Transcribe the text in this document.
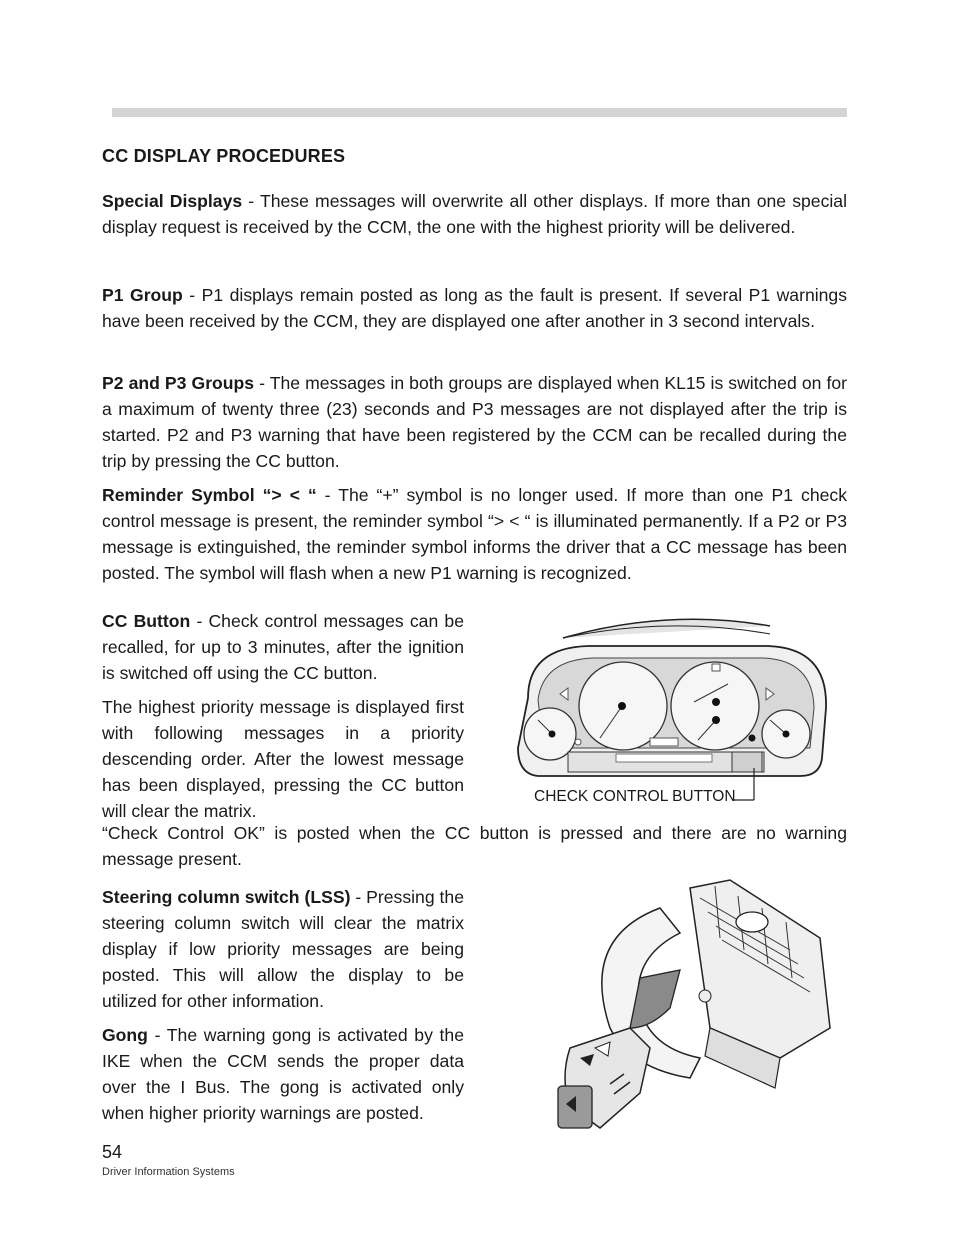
CC DISPLAY PROCEDURES

Special Displays - These messages will overwrite all other displays. If more than one special display request is received by the CCM, the one with the highest priority will be delivered.

P1 Group - P1 displays remain posted as long as the fault is present. If several P1 warnings have been received by the CCM, they are displayed one after another in 3 second intervals.

P2 and P3 Groups - The messages in both groups are displayed when KL15 is switched on for a maximum of twenty three (23) seconds and P3 messages are not displayed after the trip is started. P2 and P3 warning that have been registered by the CCM can be recalled during the trip by pressing the CC button.

Reminder Symbol “> < “ - The “+” symbol is no longer used. If more than one P1 check control message is present, the reminder symbol “> < “ is illuminated permanently. If a P2 or P3 message is extinguished, the reminder symbol informs the driver that a CC message has been posted. The symbol will flash when a new P1 warning is recognized.

CC Button - Check control messages can be recalled, for up to 3 minutes, after the ignition is switched off using the CC button.

The highest priority message is displayed first with following messages in a priority descending order. After the lowest message has been displayed, pressing the CC button will clear the matrix.

CHECK CONTROL BUTTON

“Check Control OK” is posted when the CC button is pressed and there are no warning message present.

Steering column switch (LSS) - Pressing the steering column switch will clear the matrix display if low priority messages are being posted. This will allow the display to be utilized for other information.

Gong - The warning gong is activated by the IKE when the CCM sends the proper data over the I Bus. The gong is activated only when higher priority warnings are posted.

54
Driver Information Systems
